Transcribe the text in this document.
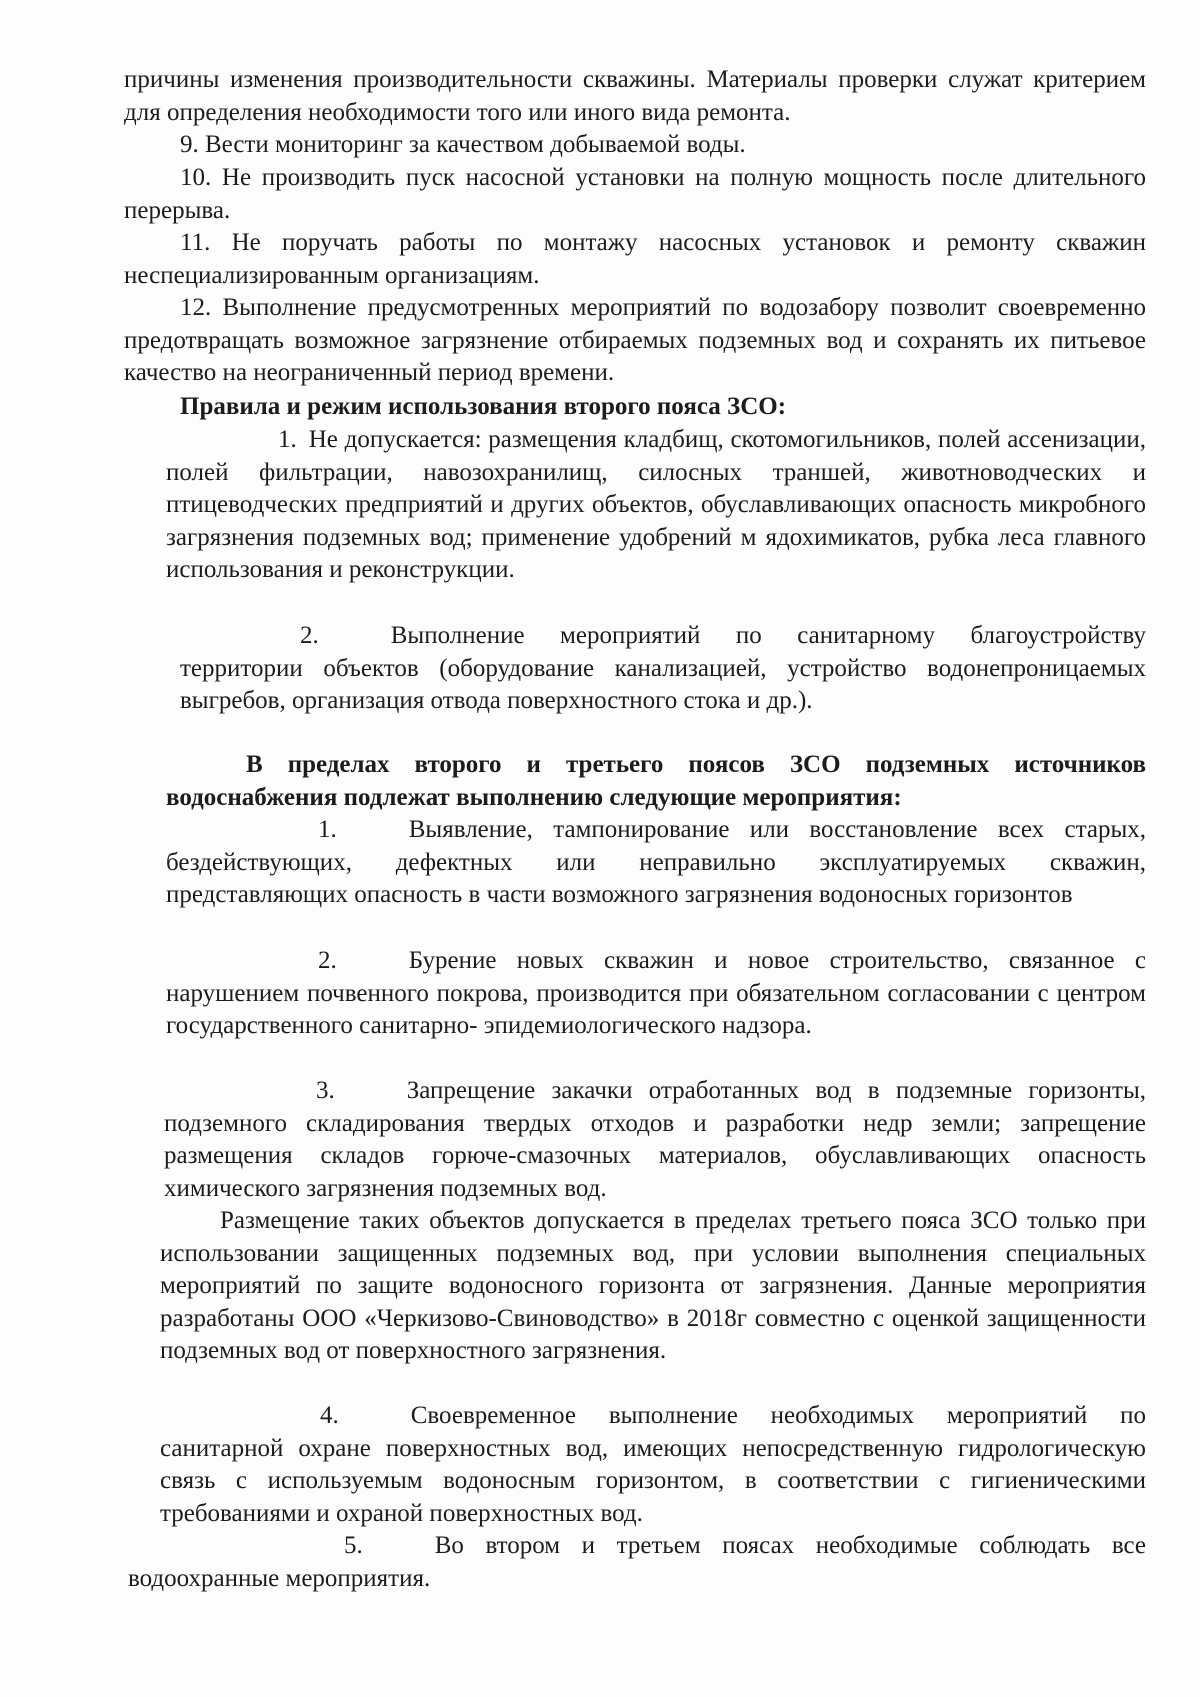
причины изменения производительности скважины. Материалы проверки служат критерием для определения необходимости того или иного вида ремонта.

9. Вести мониторинг за качеством добываемой воды.

10. Не производить пуск насосной установки на полную мощность после длительного перерыва.

11. Не поручать работы по монтажу насосных установок и ремонту скважин неспециализированным организациям.

12. Выполнение предусмотренных мероприятий по водозабору позволит своевременно предотвращать возможное загрязнение отбираемых подземных вод и сохранять их питьевое качество на неограниченный период времени.

Правила и режим использования второго пояса ЗСО:

1. Не допускается: размещения кладбищ, скотомогильников, полей ассенизации, полей фильтрации, навозохранилищ, силосных траншей, животноводческих и птицеводческих предприятий и других объектов, обуславливающих опасность микробного загрязнения подземных вод; применение удобрений м ядохимикатов, рубка леса главного использования и реконструкции.

2.	Выполнение мероприятий по санитарному благоустройству территории объектов (оборудование канализацией, устройство водонепроницаемых выгребов, организация отвода поверхностного стока и др.).

В пределах второго и третьего поясов ЗСО подземных источников водоснабжения подлежат выполнению следующие мероприятия:

1.	Выявление, тампонирование или восстановление всех старых, бездействующих, дефектных или неправильно эксплуатируемых скважин, представляющих опасность в части возможного загрязнения водоносных горизонтов

2.	Бурение новых скважин и новое строительство, связанное с нарушением почвенного покрова, производится при обязательном согласовании с центром государственного санитарно- эпидемиологического надзора.

3.	Запрещение закачки отработанных вод в подземные горизонты, подземного складирования твердых отходов и разработки недр земли; запрещение размещения складов горюче-смазочных материалов, обуславливающих опасность химического загрязнения подземных вод.

Размещение таких объектов допускается в пределах третьего пояса ЗСО только при использовании защищенных подземных вод, при условии выполнения специальных мероприятий по защите водоносного горизонта от загрязнения. Данные мероприятия разработаны ООО «Черкизово-Свиноводство» в 2018г совместно с оценкой защищенности подземных вод от поверхностного загрязнения.

4.	Своевременное выполнение необходимых мероприятий по санитарной охране поверхностных вод, имеющих непосредственную гидрологическую связь с используемым водоносным горизонтом, в соответствии с гигиеническими требованиями и охраной поверхностных вод.

5.	Во втором и третьем поясах необходимые соблюдать все водоохранные мероприятия.
